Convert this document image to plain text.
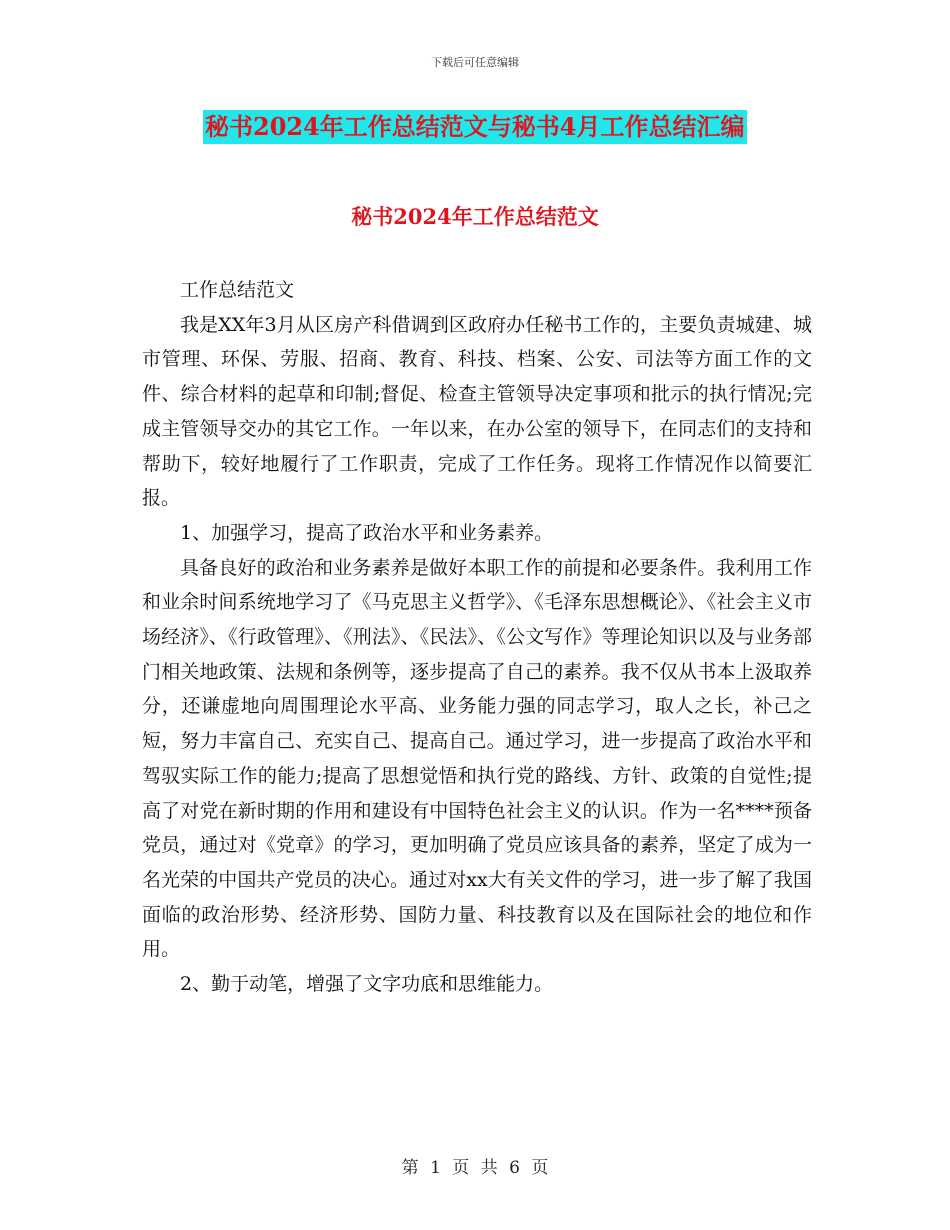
下载后可任意编辑
秘书2024年工作总结范文与秘书4月工作总结汇编
秘书2024年工作总结范文

工作总结范文

我是XX年3月从区房产科借调到区政府办任秘书工作的，主要负责城建、城市管理、环保、劳服、招商、教育、科技、档案、公安、司法等方面工作的文件、综合材料的起草和印制;督促、检查主管领导决定事项和批示的执行情况;完成主管领导交办的其它工作。一年以来，在办公室的领导下，在同志们的支持和帮助下，较好地履行了工作职责，完成了工作任务。现将工作情况作以简要汇报。

1、加强学习，提高了政治水平和业务素养。

具备良好的政治和业务素养是做好本职工作的前提和必要条件。我利用工作和业余时间系统地学习了《马克思主义哲学》、《毛泽东思想概论》、《社会主义市场经济》、《行政管理》、《刑法》、《民法》、《公文写作》等理论知识以及与业务部门相关地政策、法规和条例等，逐步提高了自己的素养。我不仅从书本上汲取养分，还谦虚地向周围理论水平高、业务能力强的同志学习，取人之长，补己之短，努力丰富自己、充实自己、提高自己。通过学习，进一步提高了政治水平和驾驭实际工作的能力;提高了思想觉悟和执行党的路线、方针、政策的自觉性;提高了对党在新时期的作用和建设有中国特色社会主义的认识。作为一名****预备党员，通过对《党章》的学习，更加明确了党员应该具备的素养，坚定了成为一名光荣的中国共产党员的决心。通过对xx大有关文件的学习，进一步了解了我国面临的政治形势、经济形势、国防力量、科技教育以及在国际社会的地位和作用。

2、勤于动笔，增强了文字功底和思维能力。

第 1 页 共 6 页
